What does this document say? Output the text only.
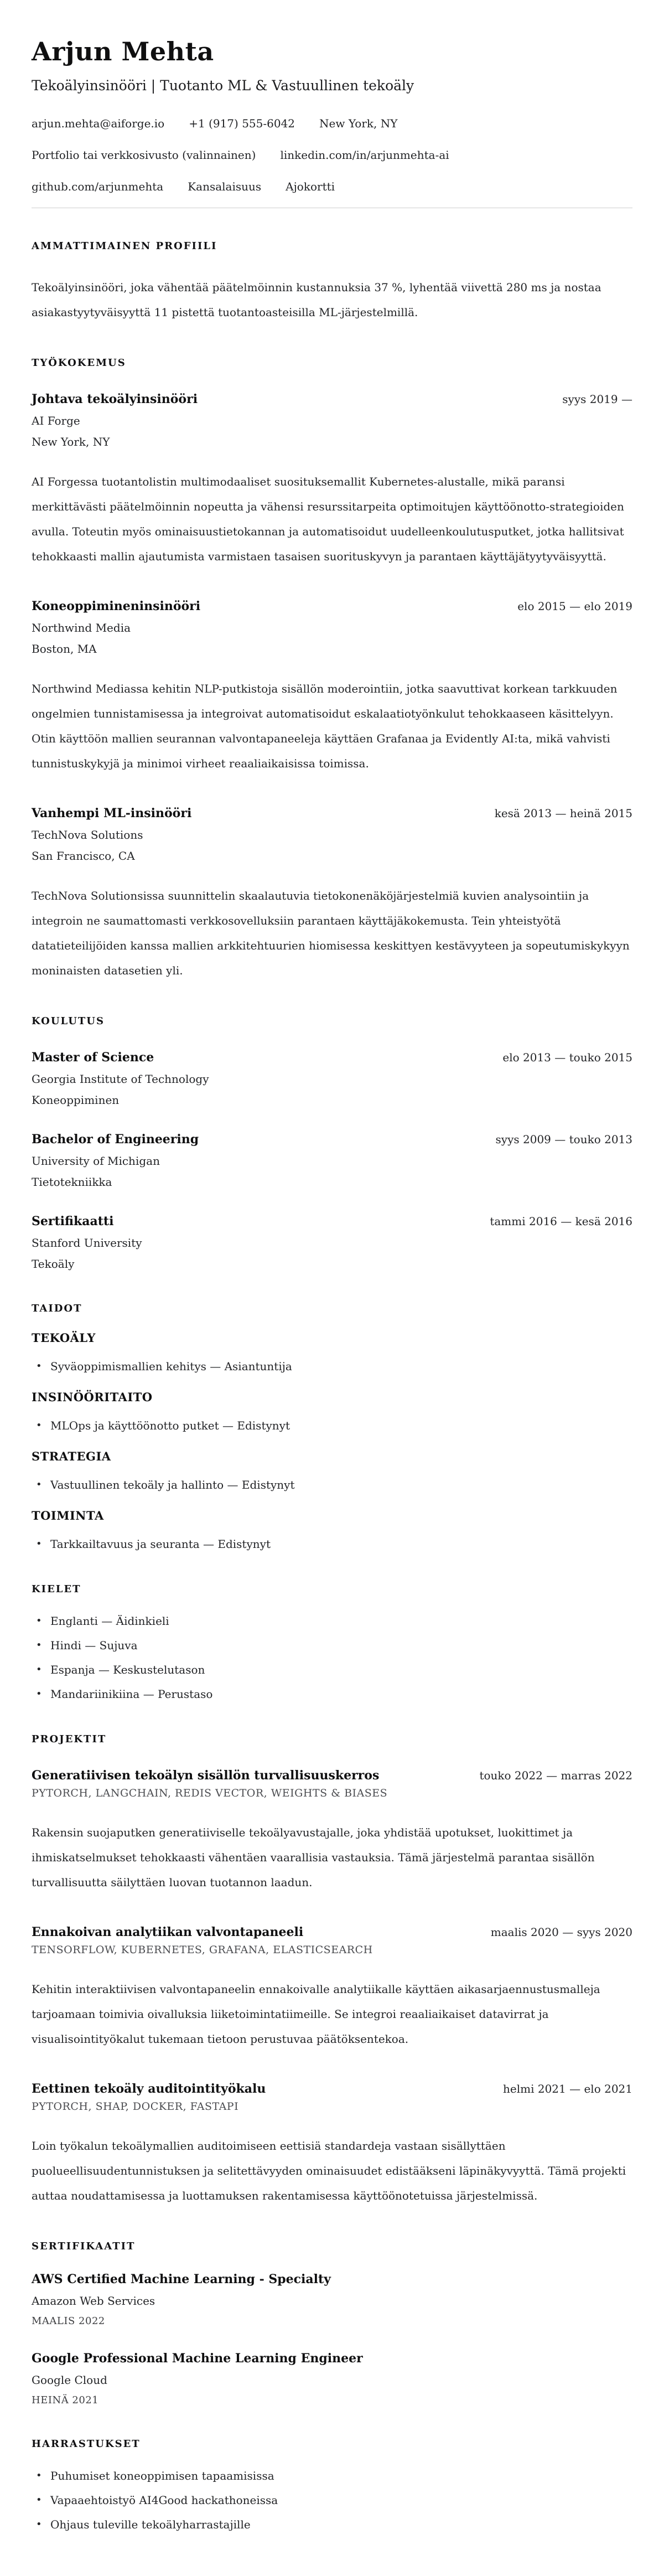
Arjun Mehta

Tekoälyinsinööri | Tuotanto ML & Vastuullinen tekoäly

arjun.mehta@aiforge.io +1 (917) 555-6042 New York, NY
Portfolio tai verkkosivusto (valinnainen) linkedin.com/in/arjunmehta-ai
github.com/arjunmehta Kansalaisuus Ajokortti
AMMATTIMAINEN PROFIILI

Tekoälyinsinööri, joka vähentää päätelmöinnin kustannuksia 37 %, lyhentää viivettä 280 ms ja nostaa asiakastyytyväisyyttä 11 pistettä tuotantoasteisilla ML-järjestelmillä.

TYÖKOKEMUS
Johtava tekoälyinsinööri	syys 2019 —

AI Forge

New York, NY

AI Forgessa tuotantolistin multimodaaliset suosituksemallit Kubernetes-alustalle, mikä paransi merkittävästi päätelmöinnin nopeutta ja vähensi resurssitarpeita optimoitujen käyttöönotto-strategioiden avulla. Toteutin myös ominaisuustietokannan ja automatisoidut uudelleenkoulutusputket, jotka hallitsivat tehokkaasti mallin ajautumista varmistaen tasaisen suorituskyvyn ja parantaen käyttäjätyytyväisyyttä.

Koneoppimineninsinööri	elo 2015 — elo 2019

Northwind Media

Boston, MA

Northwind Mediassa kehitin NLP-putkistoja sisällön moderointiin, jotka saavuttivat korkean tarkkuuden ongelmien tunnistamisessa ja integroivat automatisoidut eskalaatiotyönkulut tehokkaaseen käsittelyyn. Otin käyttöön mallien seurannan valvontapaneeleja käyttäen Grafanaa ja Evidently AI:ta, mikä vahvisti tunnistuskykyjä ja minimoi virheet reaaliaikaisissa toimissa.

Vanhempi ML-insinööri	kesä 2013 — heinä 2015

TechNova Solutions

San Francisco, CA

TechNova Solutionsissa suunnittelin skaalautuvia tietokonenäköjärjestelmiä kuvien analysointiin ja integroin ne saumattomasti verkkosovelluksiin parantaen käyttäjäkokemusta. Tein yhteistyötä datatieteilijöiden kanssa mallien arkkitehtuurien hiomisessa keskittyen kestävyyteen ja sopeutumiskykyyn moninaisten datasetien yli.

KOULUTUS
Master of Science	elo 2013 — touko 2015

Georgia Institute of Technology

Koneoppiminen

Bachelor of Engineering	syys 2009 — touko 2013

University of Michigan

Tietotekniikka

Sertifikaatti	tammi 2016 — kesä 2016

Stanford University

Tekoäly

TAIDOT
TEKOÄLY
• Syväoppimismallien kehitys — Asiantuntija
INSINÖÖRITAITO
• MLOps ja käyttöönotto putket — Edistynyt
STRATEGIA
• Vastuullinen tekoäly ja hallinto — Edistynyt
TOIMINTA
• Tarkkailtavuus ja seuranta — Edistynyt
KIELET
• Englanti — Äidinkieli
• Hindi — Sujuva
• Espanja — Keskustelutason
• Mandariinikiina — Perustaso
PROJEKTIT
Generatiivisen tekoälyn sisällön turvallisuuskerros	touko 2022 — marras 2022

PYTORCH, LANGCHAIN, REDIS VECTOR, WEIGHTS & BIASES

Rakensin suojaputken generatiiviselle tekoälyavustajalle, joka yhdistää upotukset, luokittimet ja ihmiskatselmukset tehokkaasti vähentäen vaarallisia vastauksia. Tämä järjestelmä parantaa sisällön turvallisuutta säilyttäen luovan tuotannon laadun.

Ennakoivan analytiikan valvontapaneeli	maalis 2020 — syys 2020

TENSORFLOW, KUBERNETES, GRAFANA, ELASTICSEARCH

Kehitin interaktiivisen valvontapaneelin ennakoivalle analytiikalle käyttäen aikasarjaennustusmalleja tarjoamaan toimivia oivalluksia liiketoimintatiimeille. Se integroi reaaliaikaiset datavirrat ja visualisointityökalut tukemaan tietoon perustuvaa päätöksentekoa.

Eettinen tekoäly auditointityökalu	helmi 2021 — elo 2021

PYTORCH, SHAP, DOCKER, FASTAPI

Loin työkalun tekoälymallien auditoimiseen eettisiä standardeja vastaan sisällyttäen puolueellisuudentunnistuksen ja selitettävyyden ominaisuudet edistääkseni läpinäkyvyyttä. Tämä projekti auttaa noudattamisessa ja luottamuksen rakentamisessa käyttöönotetuissa järjestelmissä.

SERTIFIKAATIT
AWS Certified Machine Learning - Specialty

Amazon Web Services

MAALIS 2022

Google Professional Machine Learning Engineer

Google Cloud

HEINÄ 2021

HARRASTUKSET
• Puhumiset koneoppimisen tapaamisissa
• Vapaaehtoistyö AI4Good hackathoneissa
• Ohjaus tuleville tekoälyharrastajille
